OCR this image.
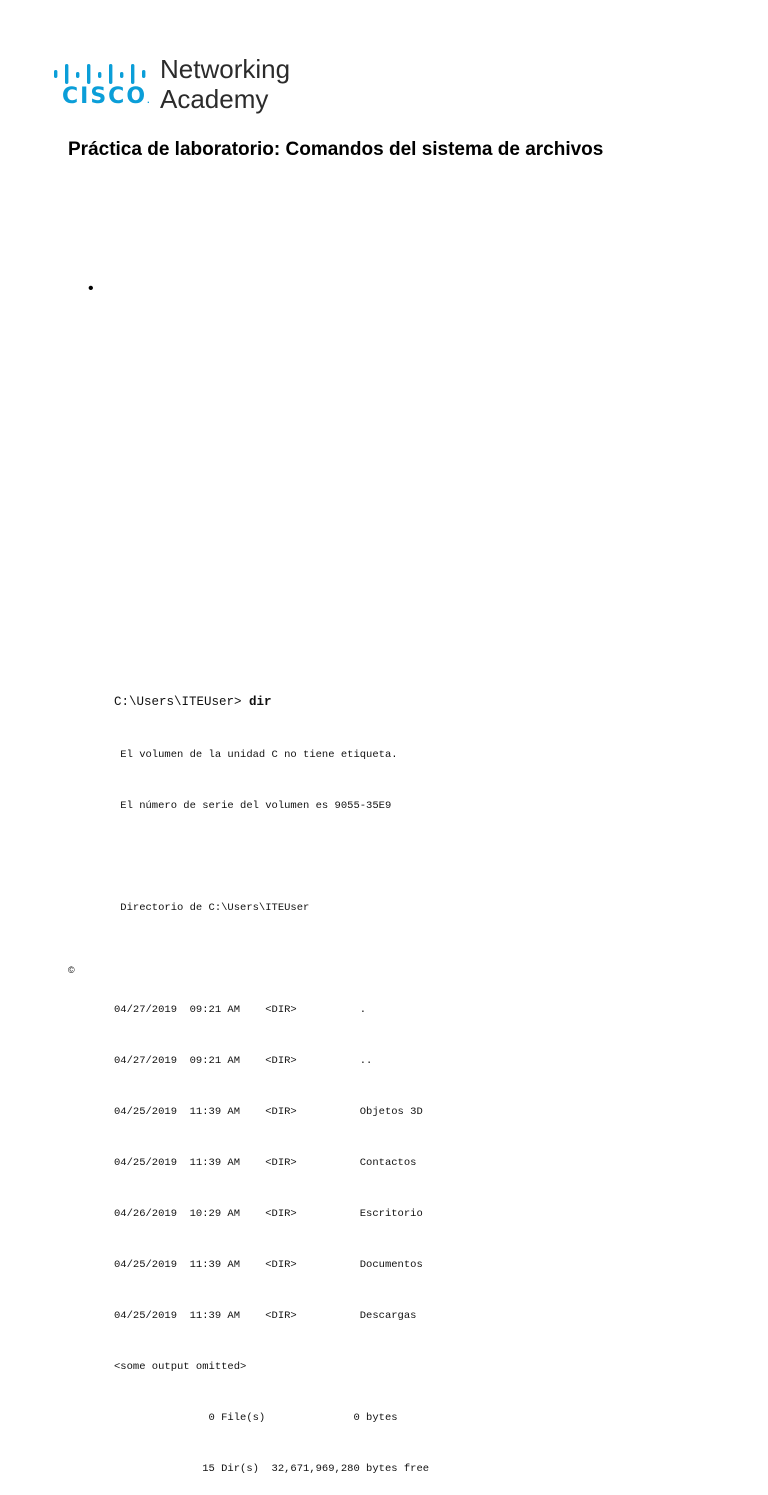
CISCO.
Networking
Academy
Práctica de laboratorio: Comandos del sistema de archivos
•

C:\Users\ITEUser> dir

El volumen de la unidad C no tiene etiqueta.

El número de serie del volumen es 9055-35E9

Directorio de C:\Users\ITEUser

04/27/2019  09:21 AM    <DIR>          .

04/27/2019  09:21 AM    <DIR>          ..

04/25/2019  11:39 AM    <DIR>          Objetos 3D

04/25/2019  11:39 AM    <DIR>          Contactos

04/26/2019  10:29 AM    <DIR>          Escritorio

04/25/2019  11:39 AM    <DIR>          Documentos

04/25/2019  11:39 AM    <DIR>          Descargas

<some output omitted>

0 File(s)              0 bytes

15 Dir(s)  32,671,969,280 bytes free

©
